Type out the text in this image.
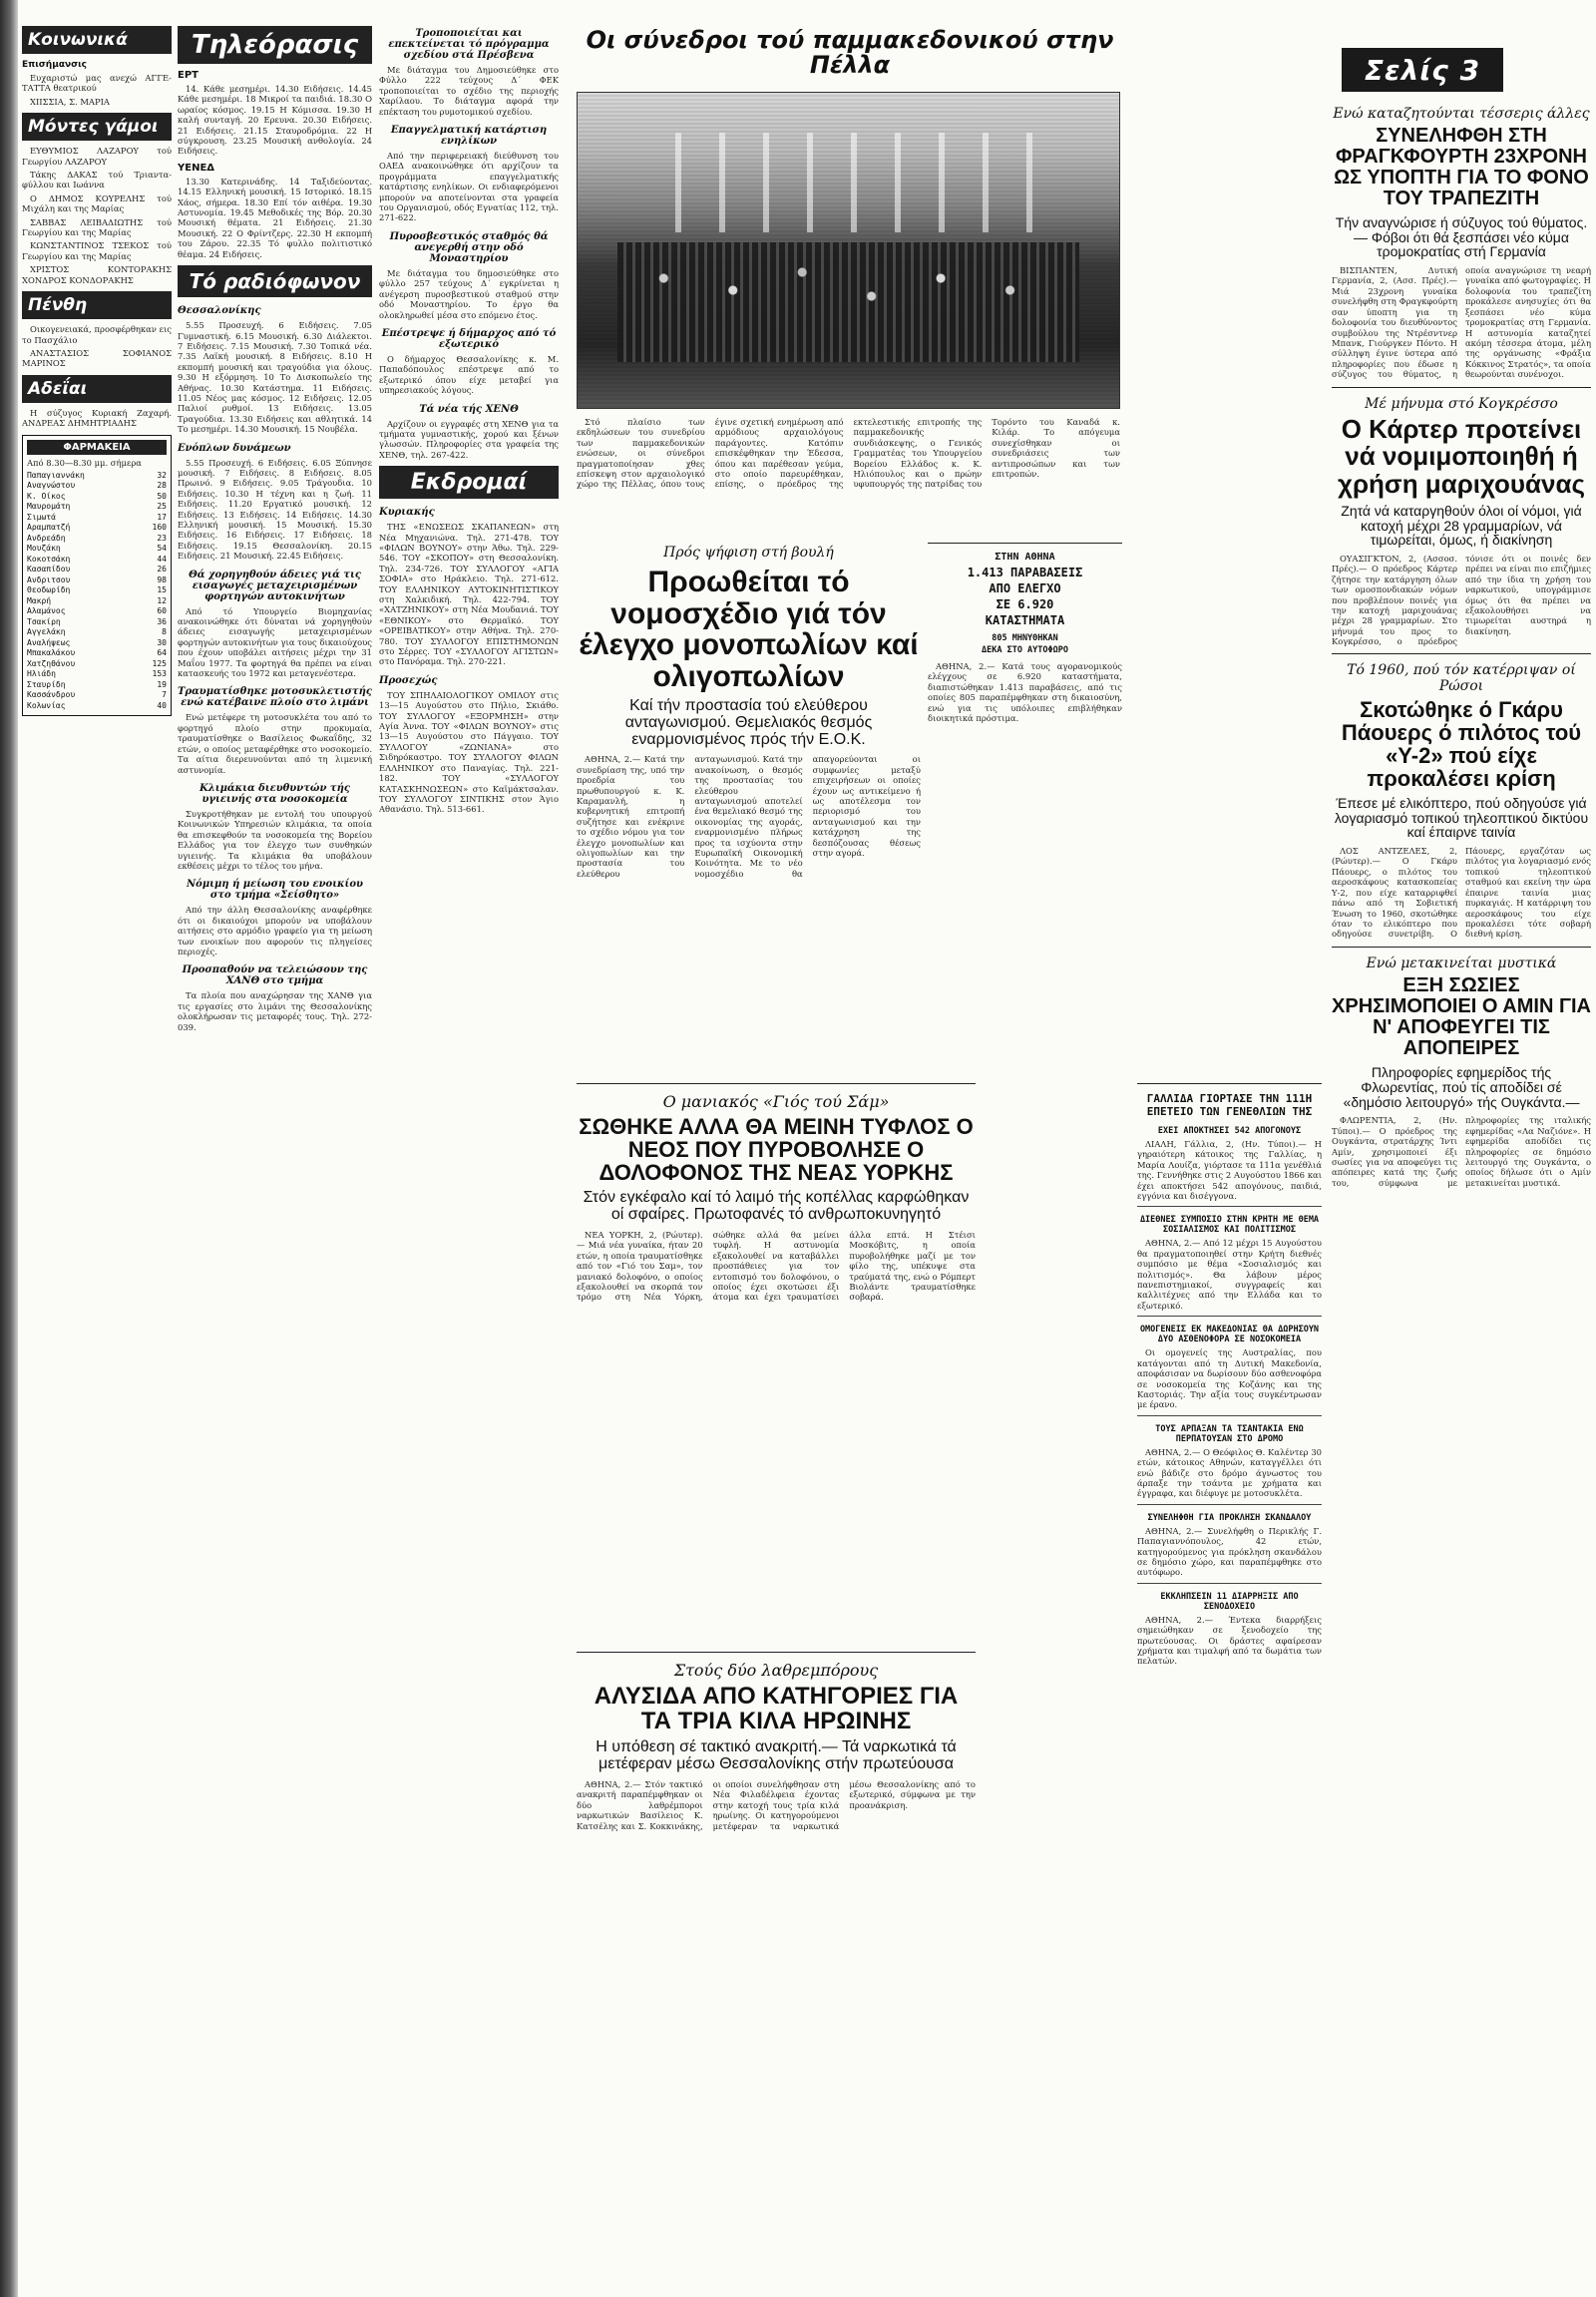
Κοινωνικά
Επισήμανσις

Ευχαριστώ μας ανεχώ ΑΓΓΕ- ΤΑΤΤΑ θεατρικού

ΧΙΙΣΣΙΑ, Σ. ΜΑΡΙΑ

Μόντες γάμοι

ΕΥΘΥΜΙΟΣ ΛΑΖΑΡΟΥ τού Γεωργίου ΛΑΖΑΡΟΥ

Τάκης ΔΑΚΑΣ τού Τριαντα- φύλλου και Ιωάννα

Ο ΔΗΜΟΣ ΚΟΥΡΕΛΗΣ τού Μιχάλη και της Μαρίας

ΣΑΒΒΑΣ ΛΕΙΒΑΔΙΩΤΗΣ τού Γεωργίου και της Μαρίας

ΚΩΝΣΤΑΝΤΙΝΟΣ ΤΣΕΚΟΣ τού Γεωργίου και της Μαρίας

ΧΡΙΣΤΟΣ ΚΟΝΤΟΡΑΚΗΣ ΧΟΝΔΡΟΣ ΚΟΝΔΟΡΑΚΗΣ

Πένθη

Οικογενειακά, προσφέρθηκαν εις το Πασχάλιο

ΑΝΑΣΤΑΣΙΟΣ ΣΟΦΙΑΝΟΣ ΜΑΡΙΝΟΣ

Αδεΐαι

Η σύζυγος Κυριακή Ζαχαρή. ΑΝΔΡΕΑΣ ΔΗΜΗΤΡΙΑΔΗΣ

ΦΑΡΜΑΚΕΙΑ
Από 8.30—8.30 μμ. σήμερα
Παπαγιαννάκη	32
Αναγνώστου	28
Κ. Οίκος	50
Μαυρομάτη	25
Σιμωτά	17
Αραμπατζή	160
Ανδρεάδη	23
Μουζάκη	54
Κοκοτσάκη	44
Κασαπίδου	26
Ανδριτσου	98
Θεοδωρίδη	15
Μακρή	12
Αλαμάνος	60
Τσακίρη	36
Αγγελάκη	8
Αναλήψεως	30
Μπακαλάκου	64
Χατζηθάνου	125
Ηλιάδη	153
Σταυρίδη	19
Κασσάνδρου	7
Κολωνίας	40
Τηλεόρασις
ΕΡΤ

14. Κάθε μεσημέρι. 14.30 Ειδήσεις. 14.45 Κάθε μεσημέρι. 18 Μικροί τα παιδιά. 18.30 Ο ωραίος κόσμος. 19.15 Η Κόμισσα. 19.30 Η καλή συνταγή. 20 Ερευνα. 20.30 Ειδήσεις. 21 Ειδήσεις. 21.15 Σταυροδρόμια. 22 Η σύγκρουση. 23.25 Μουσική ανθολογία. 24 Ειδήσεις.

ΥΕΝΕΔ

13.30 Κατερινάδης. 14 Ταξιδεύοντας. 14.15 Ελληνική μουσική. 15 Ιστορικό. 18.15 Χάος, σήμερα. 18.30 Επί τόν αιθέρα. 19.30 Αστυνομία. 19.45 Μεθοδικές της Βόρ. 20.30 Μουσική θέματα. 21 Ειδήσεις. 21.30 Μουσική. 22 Ο Φρίντζερς. 22.30 Η εκπομπή του Ζάρου. 22.35 Τό φυλλο πολιτιστικό θέαμα. 24 Ειδήσεις.

Τό ραδιόφωνον
Θεσσαλονίκης

5.55 Προσευχή. 6 Ειδήσεις. 7.05 Γυμναστική. 6.15 Μουσική. 6.30 Διάλεκτοι. 7 Ειδήσεις. 7.15 Μουσική. 7.30 Τοπικά νέα. 7.35 Λαϊκή μουσική. 8 Ειδήσεις. 8.10 Η εκπομπή μουσική και τραγούδια για όλους. 9.30 Η εξόρμηση. 10 Το Δισκοπωλείο της Αθήνας. 10.30 Κατάστημα. 11 Ειδήσεις. 11.05 Νέος μας κόσμος. 12 Ειδήσεις. 12.05 Παλιοί ρυθμοί. 13 Ειδήσεις. 13.05 Τραγούδια. 13.30 Ειδήσεις και αθλητικά. 14 Το μεσημέρι. 14.30 Μουσική. 15 Νουβέλα.

Ενόπλων δυνάμεων

5.55 Προσευχή. 6 Ειδήσεις. 6.05 Ξύπνησε μουσική. 7 Ειδήσεις. 8 Ειδήσεις. 8.05 Πρωινό. 9 Ειδήσεις. 9.05 Τράγουδια. 10 Ειδήσεις. 10.30 Η τέχνη και η ζωή. 11 Ειδήσεις. 11.20 Εργατικό μουσική. 12 Ειδήσεις. 13 Ειδήσεις. 14 Ειδήσεις. 14.30 Ελληνική μουσική. 15 Μουσική. 15.30 Ειδήσεις. 16 Ειδήσεις. 17 Ειδήσεις. 18 Ειδήσεις. 19.15 Θεσσαλονίκη. 20.15 Ειδήσεις. 21 Μουσική. 22.45 Ειδήσεις.

Θά χορηγηθούν άδειες γιά τις εισαγωγές μεταχειρισμένων φορτηγών αυτοκινήτων

Από τό Υπουργείο Βιομηχανίας ανακοινώθηκε ότι δύναται νά χορηγηθούν άδειες εισαγωγής μεταχειρισμένων φορτηγών αυτοκινήτων για τους δικαιούχους που έχουν υποβάλει αιτήσεις μέχρι την 31 Μαΐου 1977. Τα φορτηγά θα πρέπει να είναι κατασκευής του 1972 και μεταγενέστερα.

Τραυματίσθηκε μοτοσυκλετιστής ενώ κατέβαινε πλοίο στο λιμάνι

Ενώ μετέφερε τη μοτοσυκλέτα του από το φορτηγό πλοίο στην προκυμαία, τραυματίσθηκε ο Βασίλειος Φωκαΐδης, 32 ετών, ο οποίος μεταφέρθηκε στο νοσοκομείο. Τα αίτια διερευνούνται από τη λιμενική αστυνομία.

Κλιμάκια διευθυντών τής υγιεινής στα νοσοκομεία

Συγκροτήθηκαν με εντολή του υπουργού Κοινωνικών Υπηρεσιών κλιμάκια, τα οποία θα επισκεφθούν τα νοσοκομεία της Βορείου Ελλάδος για τον έλεγχο των συνθηκών υγιεινής. Τα κλιμάκια θα υποβάλουν εκθέσεις μέχρι το τέλος του μήνα.

Νόμιμη ή μείωση του ενοικίου στο τμήμα «Σείσθητο»

Από την άλλη Θεσσαλονίκης αναφέρθηκε ότι οι δικαιούχοι μπορούν να υποβάλουν αιτήσεις στο αρμόδιο γραφείο για τη μείωση των ενοικίων που αφορούν τις πληγείσες περιοχές.

Προσπαθούν να τελειώσουν της ΧΑΝΘ στο τμήμα

Τα πλοία που αναχώρησαν της ΧΑΝΘ για τις εργασίες στο λιμάνι της Θεσσαλονίκης ολοκλήρωσαν τις μεταφορές τους. Τηλ. 272-039.

Τροποποιείται και επεκτείνεται τό πρόγραμμα σχεδίου στά Πρέσβενα

Με διάταγμα του Δημοσιεύθηκε στο Φύλλο 222 τεύχους Δ΄ ΦΕΚ τροποποιείται το σχέδιο της περιοχής Χαρίλαου. Το διάταγμα αφορά την επέκταση του ρυμοτομικού σχεδίου.

Επαγγελματική κατάρτιση ενηλίκων

Από την περιφερειακή διεύθυνση του ΟΑΕΔ ανακοινώθηκε ότι αρχίζουν τα προγράμματα επαγγελματικής κατάρτισης ενηλίκων. Οι ενδιαφερόμενοι μπορούν να αποτείνονται στα γραφεία του Οργανισμού, οδός Εγνατίας 112, τηλ. 271-622.

Πυροσβεστικός σταθμός θά ανεγερθή στην οδό Μοναστηρίου

Με διάταγμα του δημοσιεύθηκε στο φύλλο 257 τεύχους Δ΄ εγκρίνεται η ανέγερση πυροσβεστικού σταθμού στην οδό Μοναστηρίου. Το έργο θα ολοκληρωθεί μέσα στο επόμενο έτος.

Επέστρεψε ή δήμαρχος από τό εξωτερικό

Ο δήμαρχος Θεσσαλονίκης κ. Μ. Παπαδόπουλος επέστρεψε από το εξωτερικό όπου είχε μεταβεί για υπηρεσιακούς λόγους.

Τά νέα τής ΧΕΝΘ

Αρχίζουν οι εγγραφές στη ΧΕΝΘ για τα τμήματα γυμναστικής, χορού και ξένων γλωσσών. Πληροφορίες στα γραφεία της ΧΕΝΘ, τηλ. 267-422.

Εκδρομαί
Κυριακής

ΤΗΣ «ΕΝΩΣΕΩΣ ΣΚΑΠΑΝΕΩΝ» στη Νέα Μηχανιώνα. Τηλ. 271-478. ΤΟΥ «ΦΙΛΩΝ ΒΟΥΝΟΥ» στην Άθω. Τηλ. 229-546. ΤΟΥ «ΣΚΟΠΟΥ» στη Θεσσαλονίκη. Τηλ. 234-726. ΤΟΥ ΣΥΛΛΟΓΟΥ «ΑΓΙΑ ΣΟΦΙΑ» στο Ηράκλειο. Τηλ. 271-612. ΤΟΥ ΕΛΛΗΝΙΚΟΥ ΑΥΤΟΚΙΝΗΤΙΣΤΙΚΟΥ στη Χαλκιδική. Τηλ. 422-794. ΤΟΥ «ΧΑΤΖΗΝΙΚΟΥ» στη Νέα Μουδανιά. ΤΟΥ «ΕΘΝΙΚΟΥ» στο Θερμαϊκό. ΤΟΥ «ΟΡΕΙΒΑΤΙΚΟΥ» στην Αθήνα. Τηλ. 270-780. ΤΟΥ ΣΥΛΛΟΓΟΥ ΕΠΙΣΤΗΜΟΝΩΝ στο Σέρρες. ΤΟΥ «ΣΥΛΛΟΓΟΥ ΑΓΙΣΤΩΝ» στο Πανόραμα. Τηλ. 270-221.

Προσεχώς

ΤΟΥ ΣΠΗΛΑΙΟΛΟΓΙΚΟΥ ΟΜΙΛΟΥ στις 13—15 Αυγούστου στο Πήλιο, Σκιάθο. ΤΟΥ ΣΥΛΛΟΓΟΥ «ΕΞΟΡΜΗΣΗ» στην Αγία Άννα. ΤΟΥ «ΦΙΛΩΝ ΒΟΥΝΟΥ» στις 13—15 Αυγούστου στο Πάγγαιο. ΤΟΥ ΣΥΛΛΟΓΟΥ «ΖΩΝΙΑΝΑ» στο Σιδηρόκαστρο. ΤΟΥ ΣΥΛΛΟΓΟΥ ΦΙΛΩΝ ΕΛΛΗΝΙΚΟΥ στο Παναγίας. Τηλ. 221-182. ΤΟΥ «ΣΥΛΛΟΓΟΥ ΚΑΤΑΣΚΗΝΩΣΕΩΝ» στο Καϊμάκτσαλαν. ΤΟΥ ΣΥΛΛΟΓΟΥ ΣΙΝΤΙΚΗΣ στον Άγιο Αθανάσιο. Τηλ. 513-661.

Οι σύνεδροι τού παμμακεδονικού στην Πέλλα

Στό πλαίσιο των εκδηλώσεων του συνεδρίου των παμμακεδονικών ενώσεων, οι σύνεδροι πραγματοποίησαν χθες επίσκεψη στον αρχαιολογικό χώρο της Πέλλας, όπου τους έγινε σχετική ενημέρωση από αρμόδιους αρχαιολόγους παράγοντες. Κατόπιν επισκέφθηκαν την Έδεσσα, όπου και παρέθεσαν γεύμα, στο οποίο παρευρέθηκαν, επίσης, ο πρόεδρος της εκτελεστικής επιτροπής της παμμακεδονικής συνδιάσκεψης, ο Γενικός Γραμματέας του Υπουργείου Βορείου Ελλάδος κ. Κ. Ηλιόπουλος και ο πρώην υφυπουργός της πατρίδας του Τορόντο του Καναδά κ. Κιλάρ. Το απόγευμα συνεχίσθηκαν οι συνεδριάσεις των αντιπροσώπων και των επιτροπών.

Πρός ψήφιση στή βουλή
Προωθείται τό νομοσχέδιο γιά τόν έλεγχο μονοπωλίων καί ολιγοπωλίων
Καί τήν προστασία τού ελεύθερου ανταγωνισμού. Θεμελιακός θεσμός εναρμονισμένος πρός τήν Ε.Ο.Κ.

ΑΘΗΝΑ, 2.— Κατά την συνεδρίαση της, υπό την προεδρία του πρωθυπουργού κ. Κ. Καραμανλή, η κυβερνητική επιτροπή συζήτησε και ενέκρινε το σχέδιο νόμου για τον έλεγχο μονοπωλίων και ολιγοπωλίων και την προστασία του ελεύθερου ανταγωνισμού. Κατά την ανακοίνωση, ο θεσμός της προστασίας του ελεύθερου ανταγωνισμού αποτελεί ένα θεμελιακό θεσμό της οικονομίας της αγοράς, εναρμονισμένο πλήρως προς τα ισχύοντα στην Ευρωπαϊκή Οικονομική Κοινότητα. Με το νέο νομοσχέδιο θα απαγορεύονται οι συμφωνίες μεταξύ επιχειρήσεων οι οποίες έχουν ως αντικείμενο ή ως αποτέλεσμα τον περιορισμό του ανταγωνισμού και την κατάχρηση της δεσπόζουσας θέσεως στην αγορά.

ΣΤΗΝ ΑΘΗΝΑ
1.413 ΠΑΡΑΒΑΣΕΙΣ
ΑΠΟ ΕΛΕΓΧΟ
ΣΕ 6.920
ΚΑΤΑΣΤΗΜΑΤΑ
805 ΜΗΝΥΘΗΚΑΝ
ΔΕΚΑ ΣΤΟ ΑΥΤΟΦΩΡΟ

ΑΘΗΝΑ, 2.— Κατά τους αγορανομικούς ελέγχους σε 6.920 καταστήματα, διαπιστώθηκαν 1.413 παραβάσεις, από τις οποίες 805 παραπέμφθηκαν στη δικαιοσύνη, ενώ για τις υπόλοιπες επιβλήθηκαν διοικητικά πρόστιμα.

Ο μανιακός «Γιός τού Σάμ»
ΣΩΘΗΚΕ ΑΛΛΑ ΘΑ ΜΕΙΝΗ ΤΥΦΛΟΣ Ο ΝΕΟΣ ΠΟΥ ΠΥΡΟΒΟΛΗΣΕ Ο ΔΟΛΟΦΟΝΟΣ ΤΗΣ ΝΕΑΣ ΥΟΡΚΗΣ
Στόν εγκέφαλο καί τό λαιμό τής κοπέλλας καρφώθηκαν οί σφαίρες. Πρωτοφανές τό ανθρωποκυνηγητό

ΝΕΑ ΥΟΡΚΗ, 2, (Ρώυτερ).— Μιά νέα γυναίκα, ήταν 20 ετών, η οποία τραυματίσθηκε από τον «Γιό του Σαμ», τον μανιακό δολοφόνο, ο οποίος εξακολουθεί να σκορπά τον τρόμο στη Νέα Υόρκη, σώθηκε αλλά θα μείνει τυφλή. Η αστυνομία εξακολουθεί να καταβάλλει προσπάθειες για τον εντοπισμό του δολοφόνου, ο οποίος έχει σκοτώσει έξι άτομα και έχει τραυματίσει άλλα επτά. Η Στέισι Μοσκόβιτς, η οποία πυροβολήθηκε μαζί με τον φίλο της, υπέκυψε στα τραύματά της, ενώ ο Ρόμπερτ Βιολάντε τραυματίσθηκε σοβαρά.

Στούς δύο λαθρεμπόρους
ΑΛΥΣΙΔΑ ΑΠΟ ΚΑΤΗΓΟΡΙΕΣ ΓΙΑ ΤΑ ΤΡΙΑ ΚΙΛΑ ΗΡΩΙΝΗΣ
Η υπόθεση σέ τακτικό ανακριτή.— Τά ναρκωτικά τά μετέφεραν μέσω Θεσσαλονίκης στήν πρωτεύουσα

ΑΘΗΝΑ, 2.— Στόν τακτικό ανακριτή παραπέμφθηκαν οι δύο λαθρέμποροι ναρκωτικών Βασίλειος Κ. Κατσέλης και Σ. Κοκκινάκης, οι οποίοι συνελήφθησαν στη Νέα Φιλαδέλφεια έχοντας στην κατοχή τους τρία κιλά ηρωίνης. Οι κατηγορούμενοι μετέφεραν τα ναρκωτικά μέσω Θεσσαλονίκης από το εξωτερικό, σύμφωνα με την προανάκριση.

ΓΑΛΛΙΔΑ ΓΙΟΡΤΑΣΕ ΤΗΝ 111Η ΕΠΕΤΕΙΟ ΤΩΝ ΓΕΝΕΘΛΙΩΝ ΤΗΣ
ΕΧΕΙ ΑΠΟΚΤΗΣΕΙ 542 ΑΠΟΓΟΝΟΥΣ

ΛΙΑΛΗ, Γάλλια, 2, (Ην. Τύποι).— Η γηραιότερη κάτοικος της Γαλλίας, η Μαρία Λουίζα, γιόρτασε τα 111α γενέθλιά της. Γεννήθηκε στις 2 Αυγούστου 1866 και έχει αποκτήσει 542 απογόνους, παιδιά, εγγόνια και δισέγγονα.

ΔΙΕΘΝΕΣ ΣΥΜΠΟΣΙΟ ΣΤΗΝ ΚΡΗΤΗ ΜΕ ΘΕΜΑ ΣΟΣΙΑΛΙΣΜΟΣ ΚΑΙ ΠΟΛΙΤΙΣΜΟΣ

ΑΘΗΝΑ, 2.— Από 12 μέχρι 15 Αυγούστου θα πραγματοποιηθεί στην Κρήτη διεθνές συμπόσιο με θέμα «Σοσιαλισμός και πολιτισμός». Θα λάβουν μέρος πανεπιστημιακοί, συγγραφείς και καλλιτέχνες από την Ελλάδα και το εξωτερικό.

ΟΜΟΓΕΝΕΙΣ ΕΚ ΜΑΚΕΔΟΝΙΑΣ ΘΑ ΔΩΡΗΣΟΥΝ ΔΥΟ ΑΣΘΕΝΟΦΟΡΑ ΣΕ ΝΟΣΟΚΟΜΕΙΑ

Οι ομογενείς της Αυστραλίας, που κατάγονται από τη Δυτική Μακεδονία, αποφάσισαν να δωρίσουν δύο ασθενοφόρα σε νοσοκομεία της Κοζάνης και της Καστοριάς. Την αξία τους συγκέντρωσαν με έρανο.

ΤΟΥΣ ΑΡΠΑΞΑΝ ΤΑ ΤΣΑΝΤΑΚΙΑ ΕΝΩ ΠΕΡΠΑΤΟΥΣΑΝ ΣΤΟ ΔΡΟΜΟ

ΑΘΗΝΑ, 2.— Ο Θεόφιλος Θ. Καλέντερ 30 ετών, κάτοικος Αθηνών, καταγγέλλει ότι ενώ βάδιζε στο δρόμο άγνωστος του άρπαξε την τσάντα με χρήματα και έγγραφα, και διέφυγε με μοτοσυκλέτα.

ΣΥΝΕΛΗΦΘΗ ΓΙΑ ΠΡΟΚΛΗΣΗ ΣΚΑΝΔΑΛΟΥ

ΑΘΗΝΑ, 2.— Συνελήφθη ο Περικλής Γ. Παπαγιαννόπουλος, 42 ετών, κατηγορούμενος για πρόκληση σκανδάλου σε δημόσιο χώρο, και παραπέμφθηκε στο αυτόφωρο.

ΕΚΚΛΗΠΣΕΙΝ 11 ΔΙΑΡΡΗΞΙΣ ΑΠΟ ΣΕΝΟΔΟΧΕΙΟ

ΑΘΗΝΑ, 2.— Έντεκα διαρρήξεις σημειώθηκαν σε ξενοδοχείο της πρωτεύουσας. Οι δράστες αφαίρεσαν χρήματα και τιμαλφή από τα δωμάτια των πελατών.

Σελίς 3
Ενώ καταζητούνται τέσσερις άλλες
ΣΥΝΕΛΗΦΘΗ ΣΤΗ ΦΡΑΓΚΦΟΥΡΤΗ 23ΧΡΟΝΗ ΩΣ ΥΠΟΠΤΗ ΓΙΑ ΤΟ ΦΟΝΟ ΤΟΥ ΤΡΑΠΕΖΙΤΗ
Τήν αναγνώρισε ή σύζυγος τού θύματος.— Φόβοι ότι θά ξεσπάσει νέο κύμα τρομοκρατίας στή Γερμανία

ΒΙΣΠΑΝΤΕΝ, Δυτική Γερμανία, 2, (Ασσ. Πρές).— Μιά 23χρονη γυναίκα συνελήφθη στη Φραγκφούρτη σαν ύποπτη για τη δολοφονία του διευθύνοντος συμβούλου της Ντρέσντνερ Μπανκ, Γιούργκεν Πόντο. Η σύλληψη έγινε ύστερα από πληροφορίες που έδωσε η σύζυγος του θύματος, η οποία αναγνώρισε τη νεαρή γυναίκα από φωτογραφίες. Η δολοφονία του τραπεζίτη προκάλεσε ανησυχίες ότι θα ξεσπάσει νέο κύμα τρομοκρατίας στη Γερμανία. Η αστυνομία καταζητεί ακόμη τέσσερα άτομα, μέλη της οργάνωσης «Φράξια Κόκκινος Στρατός», τα οποία θεωρούνται συνένοχοι.

Μέ μήνυμα στό Κογκρέσσο
Ο Κάρτερ προτείνει νά νομιμοποιηθή ή χρήση μαριχουάνας
Ζητά νά καταργηθούν όλοι οί νόμοι, γιά κατοχή μέχρι 28 γραμμαρίων, νά τιμωρείται, όμως, ή διακίνηση

ΟΥΑΣΙΓΚΤΟΝ, 2, (Ασσοσ. Πρές).— Ο πρόεδρος Κάρτερ ζήτησε την κατάργηση όλων των ομοσπονδιακών νόμων που προβλέπουν ποινές για την κατοχή μαριχουάνας μέχρι 28 γραμμαρίων. Στο μήνυμά του προς το Κογκρέσσο, ο πρόεδρος τόνισε ότι οι ποινές δεν πρέπει να είναι πιο επιζήμιες από την ίδια τη χρήση του ναρκωτικού, υπογράμμισε όμως ότι θα πρέπει να εξακολουθήσει να τιμωρείται αυστηρά η διακίνηση.

Τό 1960, πού τόν κατέρριψαν οί Ρώσοι
Σκοτώθηκε ό Γκάρυ Πάουερς ό πιλότος τού «Υ-2» πού είχε προκαλέσει κρίση
Έπεσε μέ ελικόπτερο, πού οδηγούσε γιά λογαριασμό τοπικού τηλεοπτικού δικτύου καί έπαιρνε ταινία

ΛΟΣ ΑΝΤΖΕΛΕΣ, 2, (Ρώυτερ).— Ο Γκάρυ Πάουερς, ο πιλότος του αεροσκάφους κατασκοπείας Υ-2, που είχε καταρριφθεί πάνω από τη Σοβιετική Ένωση το 1960, σκοτώθηκε όταν το ελικόπτερο που οδηγούσε συνετρίβη. Ο Πάουερς, εργαζόταν ως πιλότος για λογαριασμό ενός τοπικού τηλεοπτικού σταθμού και εκείνη την ώρα έπαιρνε ταινία μιας πυρκαγιάς. Η κατάρριψη του αεροσκάφους του είχε προκαλέσει τότε σοβαρή διεθνή κρίση.

Ενώ μετακινείται μυστικά
ΕΞΗ ΣΩΣΙΕΣ ΧΡΗΣΙΜΟΠΟΙΕΙ Ο ΑΜΙΝ ΓΙΑ Ν' ΑΠΟΦΕΥΓΕΙ ΤΙΣ ΑΠΟΠΕΙΡΕΣ
Πληροφορίες εφημερίδος τής Φλωρεντίας, πού τίς αποδίδει σέ «δημόσιο λειτουργό» τής Ουγκάντα.—

ΦΛΩΡΕΝΤΙΑ, 2, (Ην. Τύποι).— Ο πρόεδρος της Ουγκάντα, στρατάρχης Ίντι Αμίν, χρησιμοποιεί έξι σωσίες για να αποφεύγει τις απόπειρες κατά της ζωής του, σύμφωνα με πληροφορίες της ιταλικής εφημερίδας «Λα Ναζιόνε». Η εφημερίδα αποδίδει τις πληροφορίες σε δημόσιο λειτουργό της Ουγκάντα, ο οποίος δήλωσε ότι ο Αμίν μετακινείται μυστικά.
